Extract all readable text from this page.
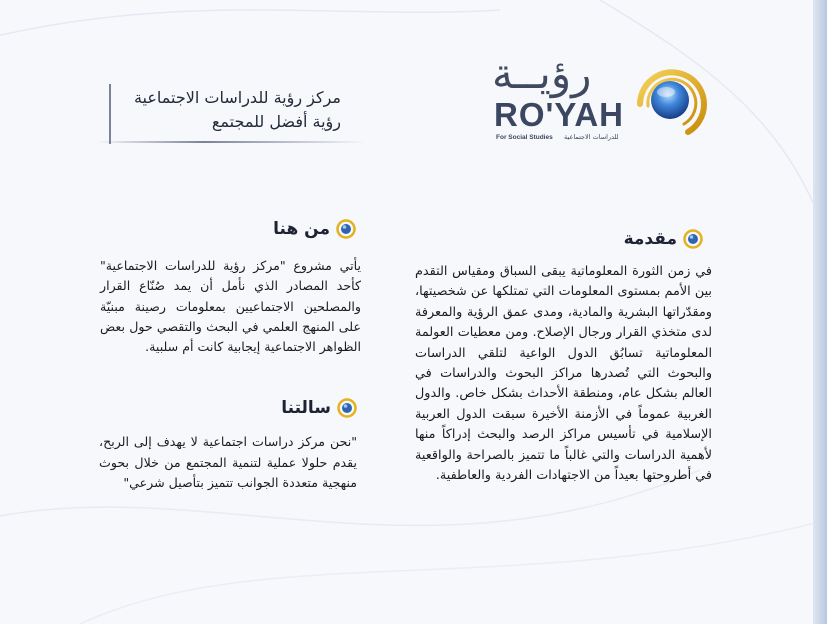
رؤيــة
RO'YAH
For Social Studies للدراسات الاجتماعية
مركز رؤية للدراسات الاجتماعية
رؤية أفضل للمجتمع
مقدمة

في زمن الثورة المعلوماتية يبقى السباق ومقياس التقدم بين الأمم بمستوى المعلومات التي تمتلكها عن شخصيتها، ومقدّراتها البشرية والمادية، ومدى عمق الرؤية والمعرفة لدى متخذي القرار ورجال الإصلاح. ومن معطيات العولمة المعلوماتية تسابُق الدول الواعية لتلقي الدراسات والبحوث التي تُصدرها مراكز البحوث والدراسات في العالم بشكل عام، ومنطقة الأحداث بشكل خاص. والدول الغربية عموماً في الأزمنة الأخيرة سبقت الدول العربية الإسلامية في تأسيس مراكز الرصد والبحث إدراكاً منها لأهمية الدراسات والتي غالباً ما تتميز بالصراحة والواقعية في أطروحتها بعيداً من الاجتهادات الفردية والعاطفية.

من هنا

يأتي مشروع "مركز رؤية للدراسات الاجتماعية" كأحد المصادر الذي نأمل أن يمد صُنّاع القرار والمصلحين الاجتماعيين بمعلومات رصينة مبنيّة على المنهج العلمي في البحث والتقصي حول بعض الظواهر الاجتماعية إيجابية كانت أم سلبية.

سالتنا

"نحن مركز دراسات اجتماعية لا يهدف إلى الربح، يقدم حلولا عملية لتنمية المجتمع من خلال بحوث منهجية متعددة الجوانب تتميز بتأصيل شرعي"
